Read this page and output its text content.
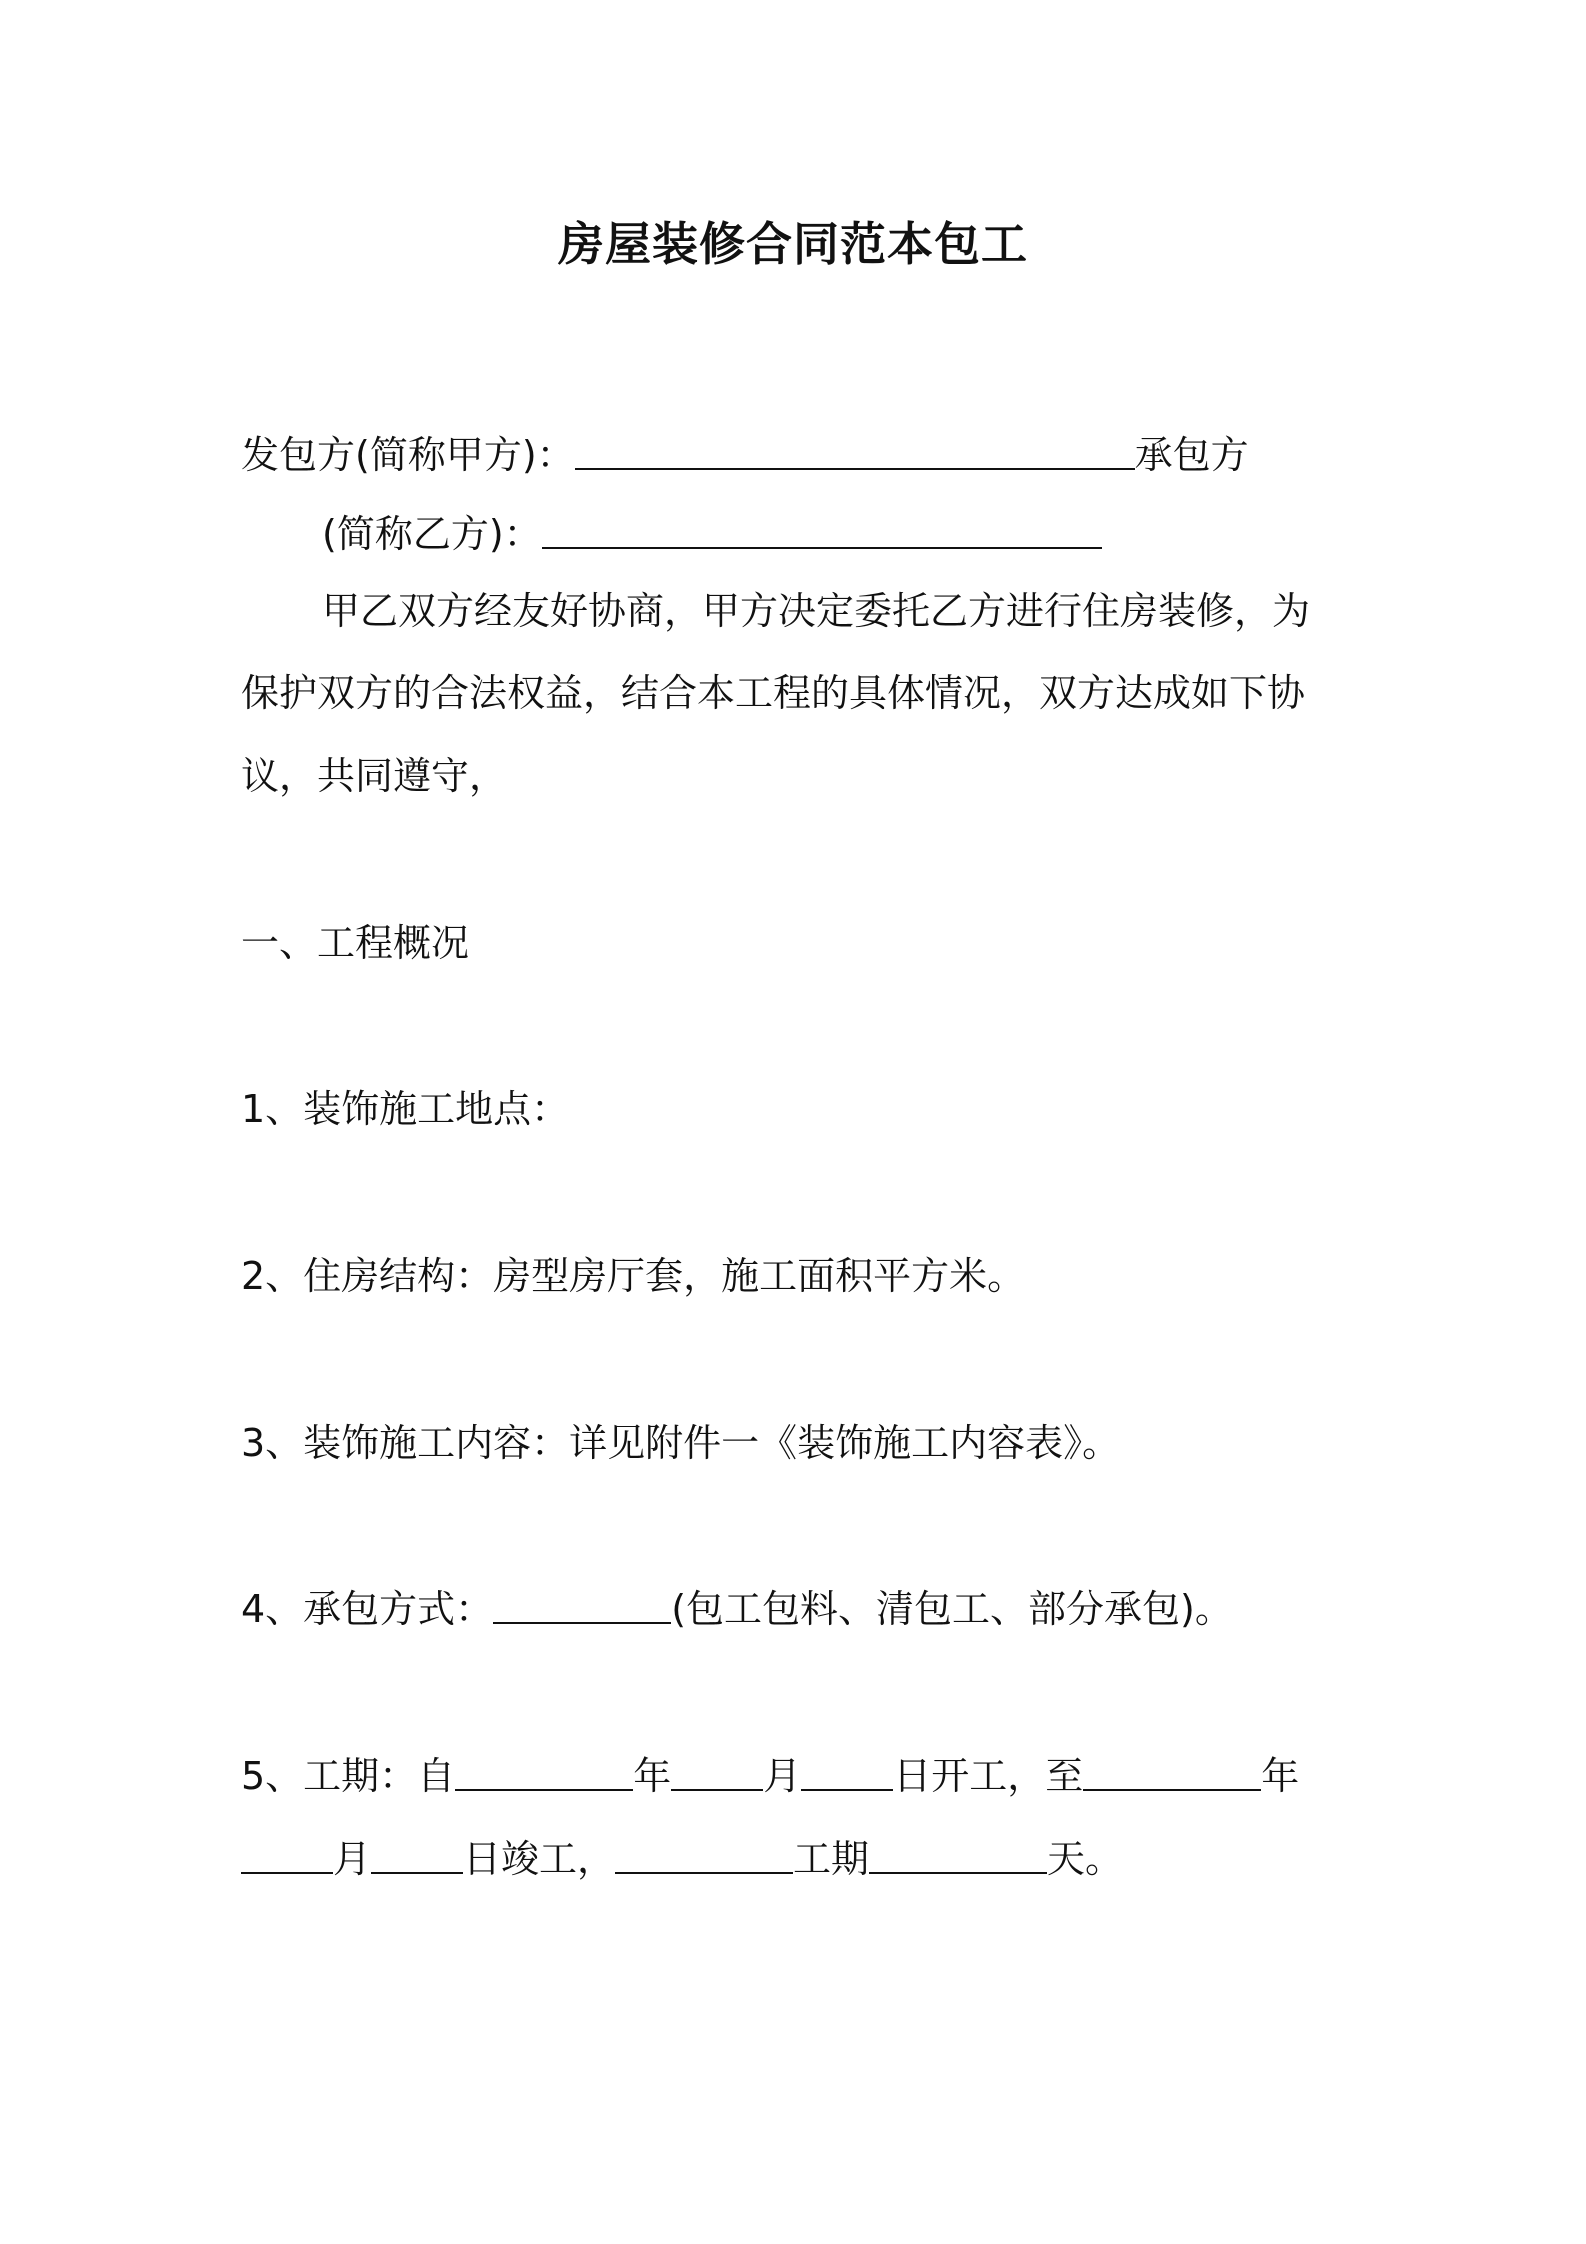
房屋装修合同范本包工
发包方(简称甲方)：	承包方
(简称乙方)：
甲乙双方经友好协商，甲方决定委托乙方进行住房装修，为
保护双方的合法权益，结合本工程的具体情况，双方达成如下协
议，共同遵守，
一、工程概况
1、装饰施工地点：
2、住房结构：房型房厅套，施工面积平方米。
3、装饰施工内容：详见附件一《装饰施工内容表》。
4、承包方式：	(包工包料、清包工、部分承包)。
5、工期：自	年 月 日开工，至	年
月 日竣工，	工期	天。
